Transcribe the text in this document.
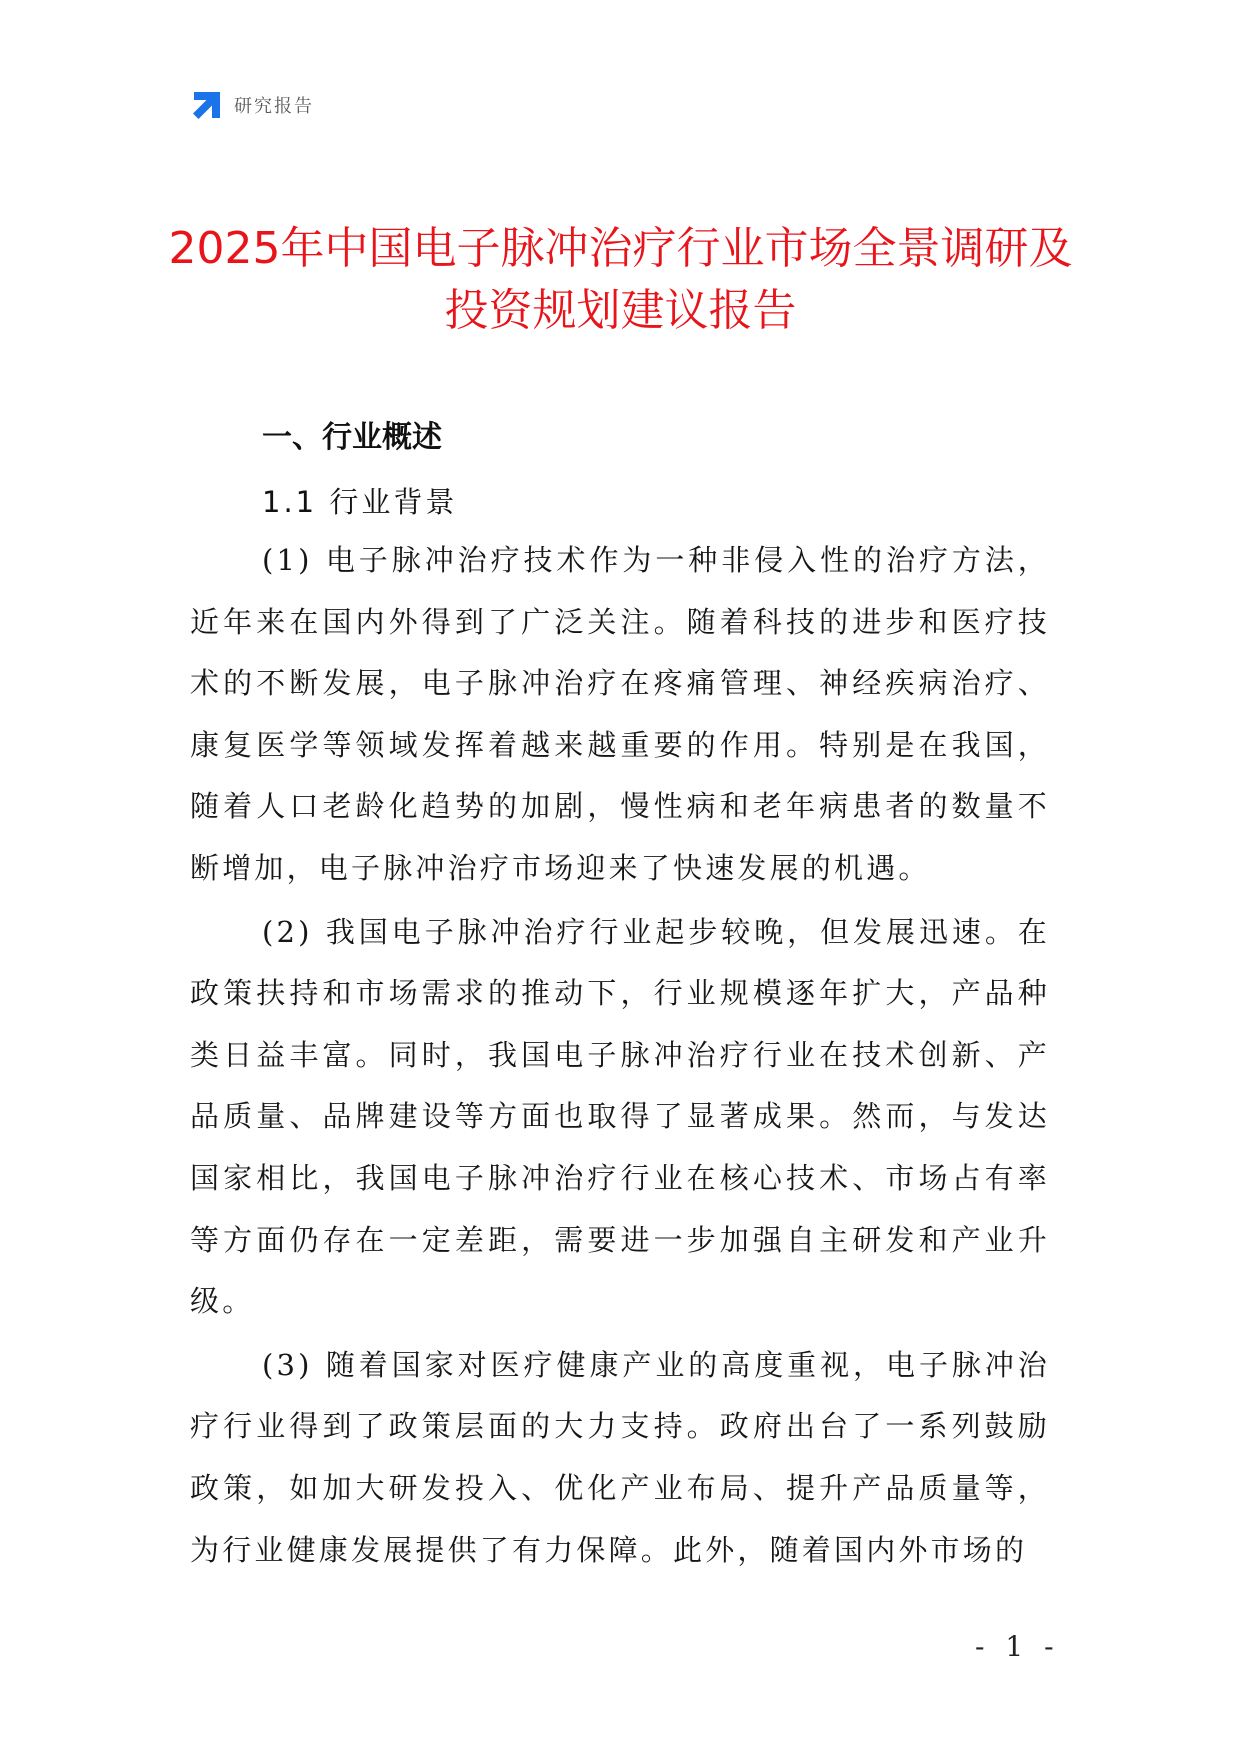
研究报告
2025年中国电子脉冲治疗行业市场全景调研及投资规划建议报告
一、行业概述
1.1 行业背景

(1) 电子脉冲治疗技术作为一种非侵入性的治疗方法，近年来在国内外得到了广泛关注。随着科技的进步和医疗技术的不断发展，电子脉冲治疗在疼痛管理、神经疾病治疗、康复医学等领域发挥着越来越重要的作用。特别是在我国，随着人口老龄化趋势的加剧，慢性病和老年病患者的数量不断增加，电子脉冲治疗市场迎来了快速发展的机遇。

(2) 我国电子脉冲治疗行业起步较晚，但发展迅速。在政策扶持和市场需求的推动下，行业规模逐年扩大，产品种类日益丰富。同时，我国电子脉冲治疗行业在技术创新、产品质量、品牌建设等方面也取得了显著成果。然而，与发达国家相比，我国电子脉冲治疗行业在核心技术、市场占有率等方面仍存在一定差距，需要进一步加强自主研发和产业升级。

(3) 随着国家对医疗健康产业的高度重视，电子脉冲治疗行业得到了政策层面的大力支持。政府出台了一系列鼓励政策，如加大研发投入、优化产业布局、提升产品质量等，为行业健康发展提供了有力保障。此外，随着国内外市场的

- 1 -
